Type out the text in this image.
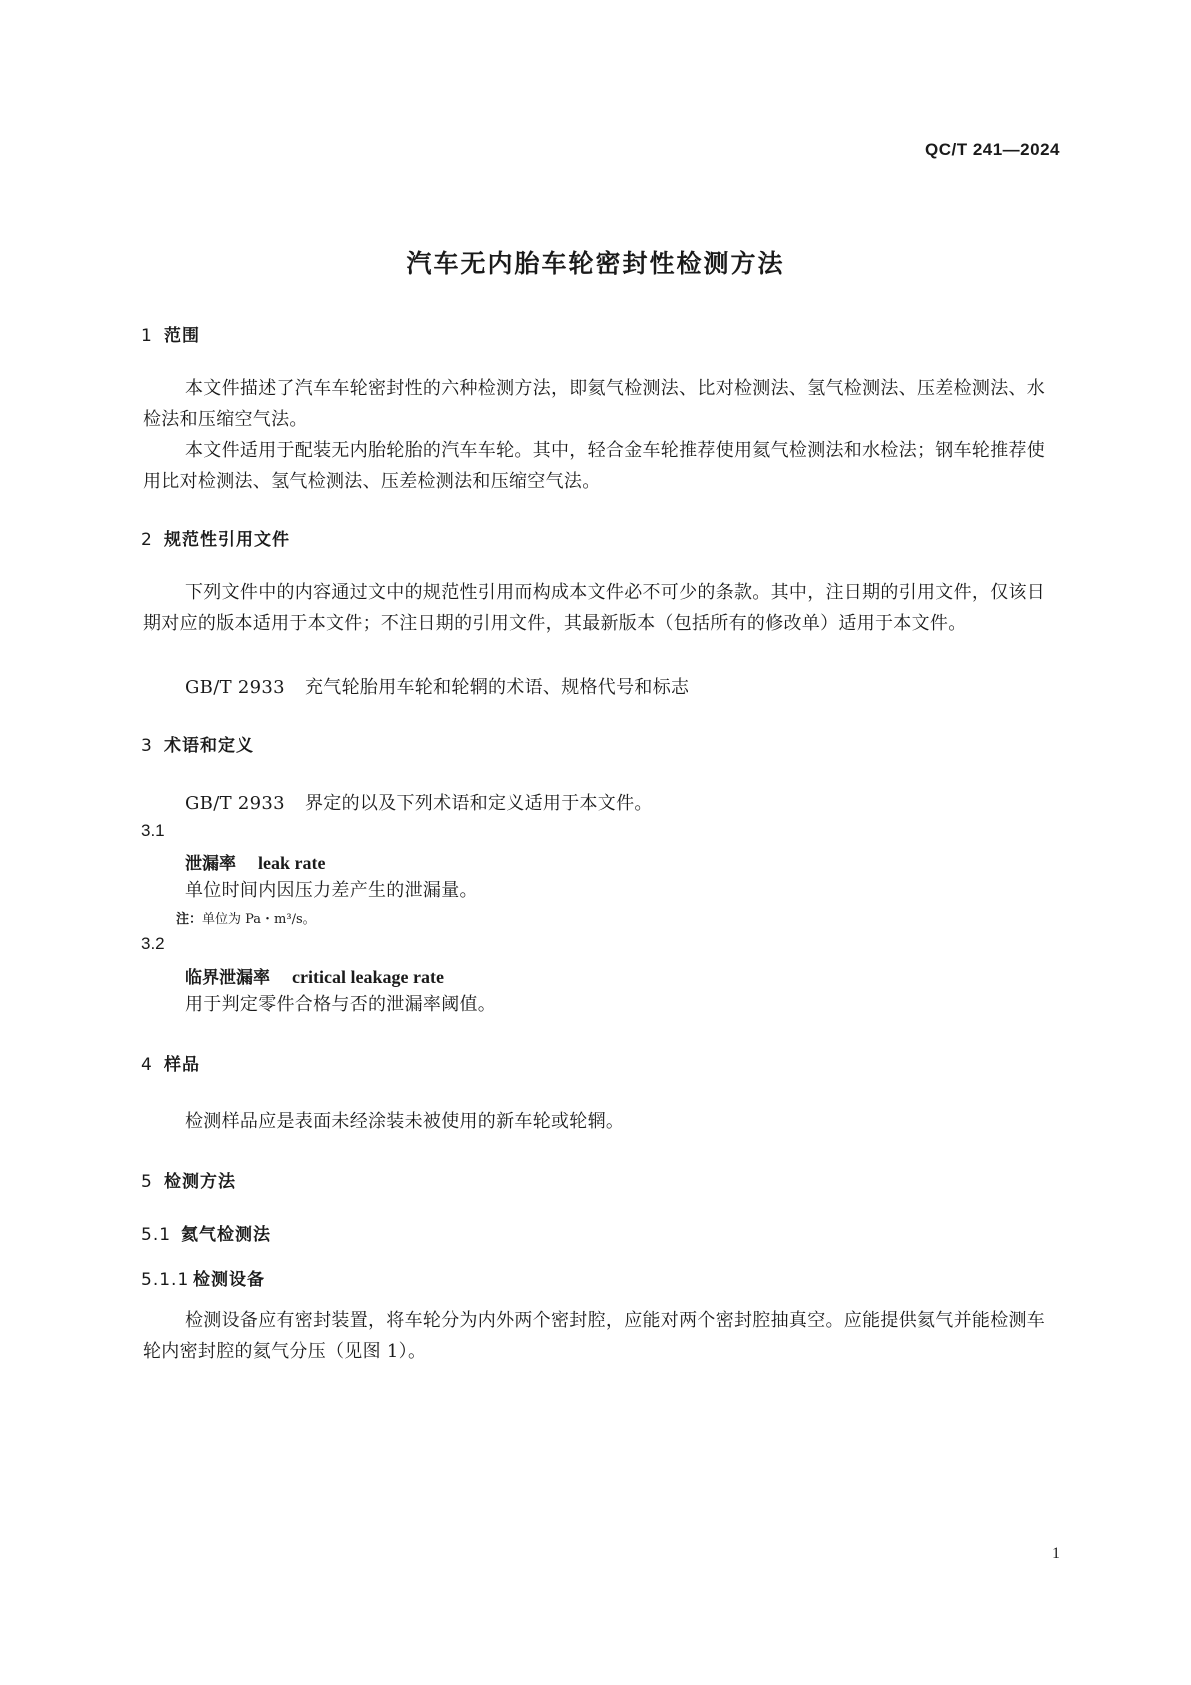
QC/T 241—2024
汽车无内胎车轮密封性检测方法
1 范围
本文件描述了汽车车轮密封性的六种检测方法，即氦气检测法、比对检测法、氢气检测法、压差检测法、水检法和压缩空气法。
本文件适用于配装无内胎轮胎的汽车车轮。其中，轻合金车轮推荐使用氦气检测法和水检法；钢车轮推荐使用比对检测法、氢气检测法、压差检测法和压缩空气法。
2 规范性引用文件
下列文件中的内容通过文中的规范性引用而构成本文件必不可少的条款。其中，注日期的引用文件，仅该日期对应的版本适用于本文件；不注日期的引用文件，其最新版本（包括所有的修改单）适用于本文件。
GB/T 2933 充气轮胎用车轮和轮辋的术语、规格代号和标志
3 术语和定义
GB/T 2933 界定的以及下列术语和定义适用于本文件。
3.1
泄漏率 leak rate
单位时间内因压力差产生的泄漏量。
注：单位为 Pa・m³/s。
3.2
临界泄漏率 critical leakage rate
用于判定零件合格与否的泄漏率阈值。
4 样品
检测样品应是表面未经涂装未被使用的新车轮或轮辋。
5 检测方法
5.1 氦气检测法
5.1.1 检测设备
检测设备应有密封装置，将车轮分为内外两个密封腔，应能对两个密封腔抽真空。应能提供氦气并能检测车轮内密封腔的氦气分压（见图 1）。
1
